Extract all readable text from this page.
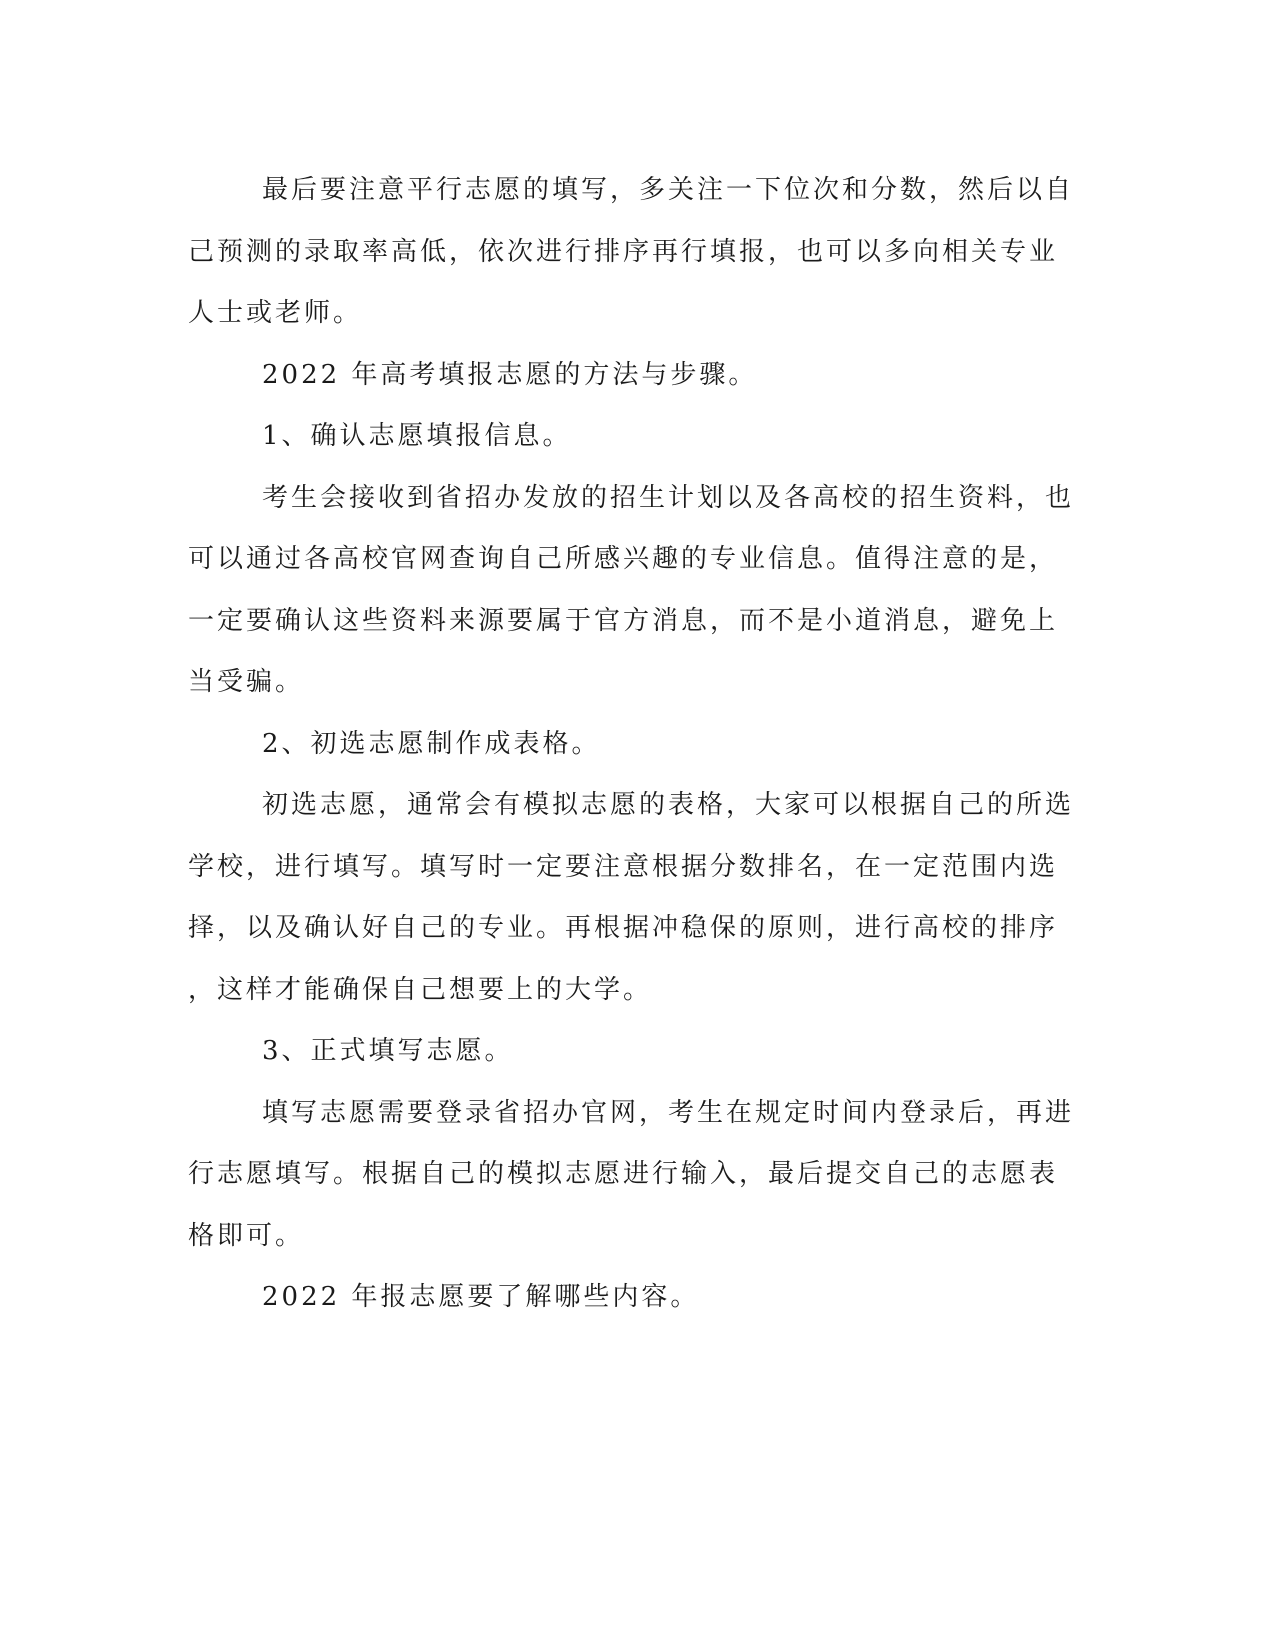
最后要注意平行志愿的填写，多关注一下位次和分数，然后以自
己预测的录取率高低，依次进行排序再行填报，也可以多向相关专业
人士或老师。
2022 年高考填报志愿的方法与步骤。
1、确认志愿填报信息。
考生会接收到省招办发放的招生计划以及各高校的招生资料，也
可以通过各高校官网查询自己所感兴趣的专业信息。值得注意的是，
一定要确认这些资料来源要属于官方消息，而不是小道消息，避免上
当受骗。
2、初选志愿制作成表格。
初选志愿，通常会有模拟志愿的表格，大家可以根据自己的所选
学校，进行填写。填写时一定要注意根据分数排名，在一定范围内选
择，以及确认好自己的专业。再根据冲稳保的原则，进行高校的排序
，这样才能确保自己想要上的大学。
3、正式填写志愿。
填写志愿需要登录省招办官网，考生在规定时间内登录后，再进
行志愿填写。根据自己的模拟志愿进行输入，最后提交自己的志愿表
格即可。
2022 年报志愿要了解哪些内容。
